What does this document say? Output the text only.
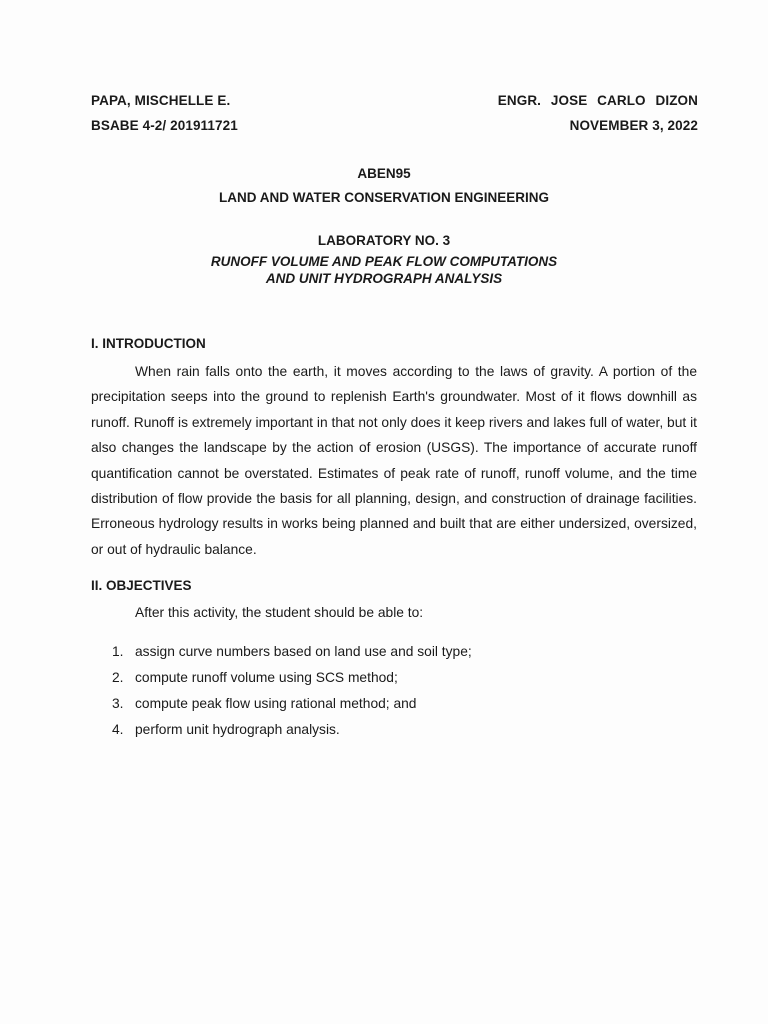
PAPA, MISCHELLE E.	ENGR. JOSE CARLO DIZON
BSABE 4-2/ 201911721	NOVEMBER 3, 2022
ABEN95
LAND AND WATER CONSERVATION ENGINEERING
LABORATORY NO. 3
RUNOFF VOLUME AND PEAK FLOW COMPUTATIONS
AND UNIT HYDROGRAPH ANALYSIS
I. INTRODUCTION

When rain falls onto the earth, it moves according to the laws of gravity. A portion of the precipitation seeps into the ground to replenish Earth's groundwater. Most of it flows downhill as runoff. Runoff is extremely important in that not only does it keep rivers and lakes full of water, but it also changes the landscape by the action of erosion (USGS). The importance of accurate runoff quantification cannot be overstated. Estimates of peak rate of runoff, runoff volume, and the time distribution of flow provide the basis for all planning, design, and construction of drainage facilities. Erroneous hydrology results in works being planned and built that are either undersized, oversized, or out of hydraulic balance.

II. OBJECTIVES
After this activity, the student should be able to:
1. assign curve numbers based on land use and soil type;
2. compute runoff volume using SCS method;
3. compute peak flow using rational method; and
4. perform unit hydrograph analysis.
